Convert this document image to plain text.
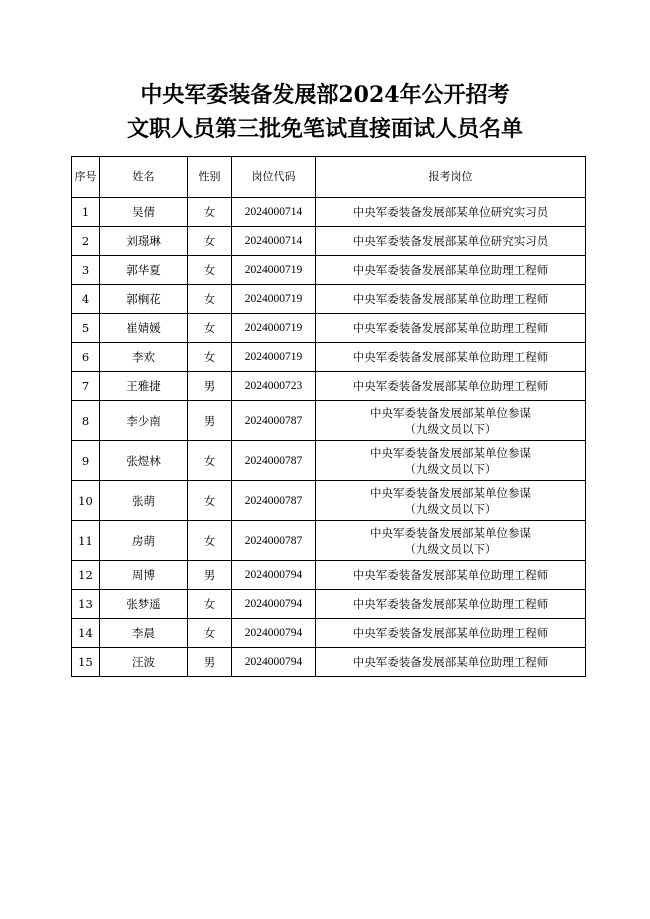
中央军委装备发展部2024年公开招考
文职人员第三批免笔试直接面试人员名单
序号	姓名	性别	岗位代码	报考岗位
1	吴倩	女	2024000714	中央军委装备发展部某单位研究实习员

2	刘璟琳	女	2024000714	中央军委装备发展部某单位研究实习员

3	郭华夏	女	2024000719	中央军委装备发展部某单位助理工程师

4	郭榈花	女	2024000719	中央军委装备发展部某单位助理工程师

5	崔婧媛	女	2024000719	中央军委装备发展部某单位助理工程师

6	李欢	女	2024000719	中央军委装备发展部某单位助理工程师

7	王雅捷	男	2024000723	中央军委装备发展部某单位助理工程师

8	李少南	男	2024000787	中央军委装备发展部某单位参谋
（九级文员以下）

9	张煜林	女	2024000787	中央军委装备发展部某单位参谋
（九级文员以下）

10	张萌	女	2024000787	中央军委装备发展部某单位参谋
（九级文员以下）

11	房萌	女	2024000787	中央军委装备发展部某单位参谋
（九级文员以下）

12	周博	男	2024000794	中央军委装备发展部某单位助理工程师

13	张梦遥	女	2024000794	中央军委装备发展部某单位助理工程师

14	李晨	女	2024000794	中央军委装备发展部某单位助理工程师

15	汪波	男	2024000794	中央军委装备发展部某单位助理工程师
